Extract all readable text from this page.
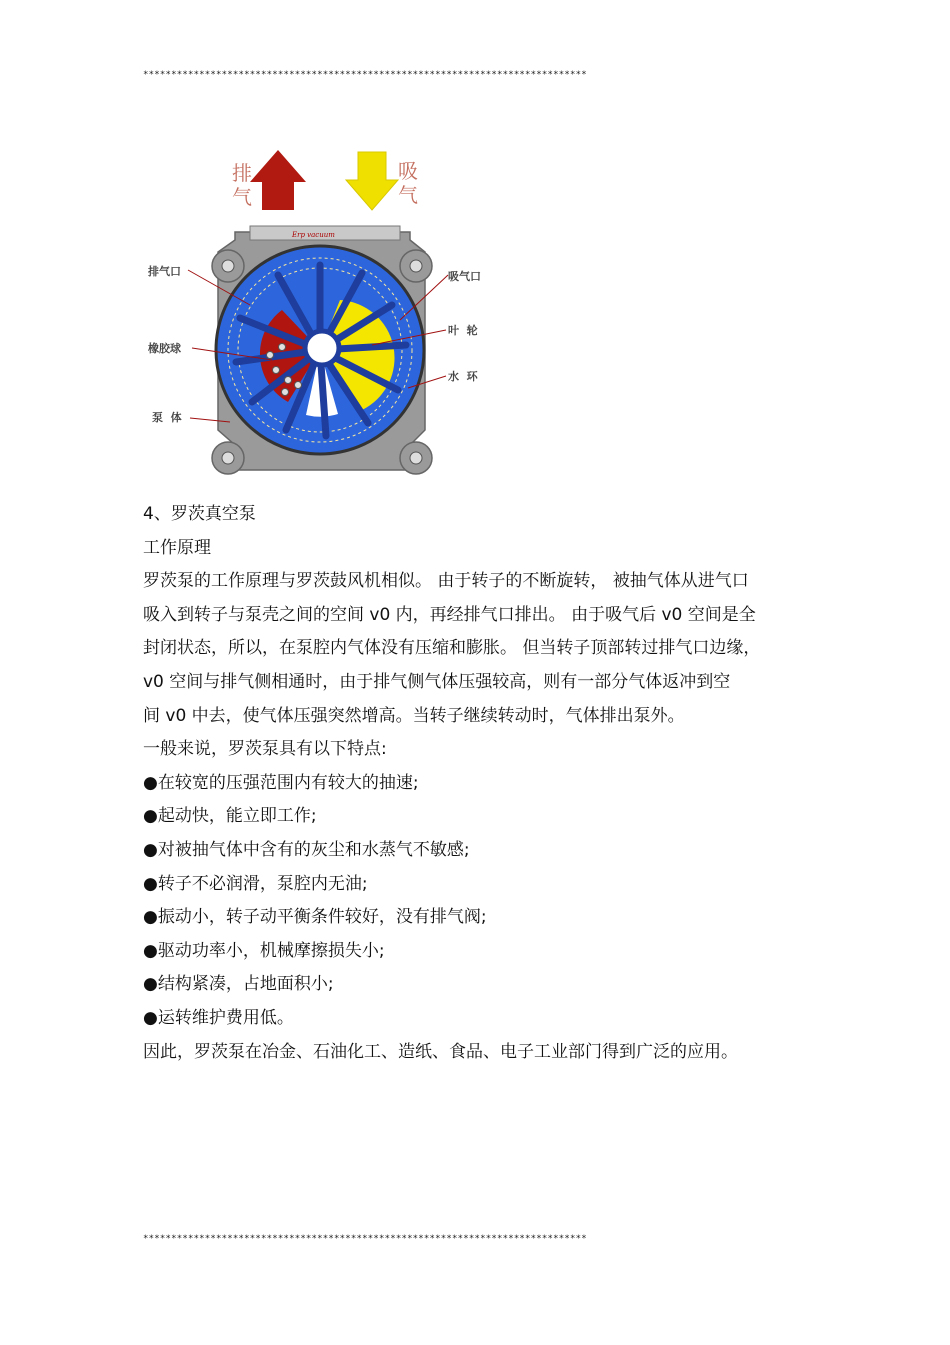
*******************************************************************************
排
气
吸
气
Erp vacuum
排气口
橡胶球
泵  体
吸气口
叶  轮
水  环

4、罗茨真空泵

工作原理

罗茨泵的工作原理与罗茨鼓风机相似。 由于转子的不断旋转， 被抽气体从进气口

吸入到转子与泵壳之间的空间 v0 内，再经排气口排出。 由于吸气后 v0 空间是全

封闭状态，所以，在泵腔内气体没有压缩和膨胀。 但当转子顶部转过排气口边缘，

v0 空间与排气侧相通时，由于排气侧气体压强较高，则有一部分气体返冲到空

间 v0 中去，使气体压强突然增高。当转子继续转动时，气体排出泵外。

一般来说，罗茨泵具有以下特点:

●在较宽的压强范围内有较大的抽速;

●起动快，能立即工作;

●对被抽气体中含有的灰尘和水蒸气不敏感;

●转子不必润滑，泵腔内无油;

●振动小，转子动平衡条件较好，没有排气阀;

●驱动功率小，机械摩擦损失小;

●结构紧凑，占地面积小;

●运转维护费用低。

因此，罗茨泵在冶金、石油化工、造纸、食品、电子工业部门得到广泛的应用。

*******************************************************************************
